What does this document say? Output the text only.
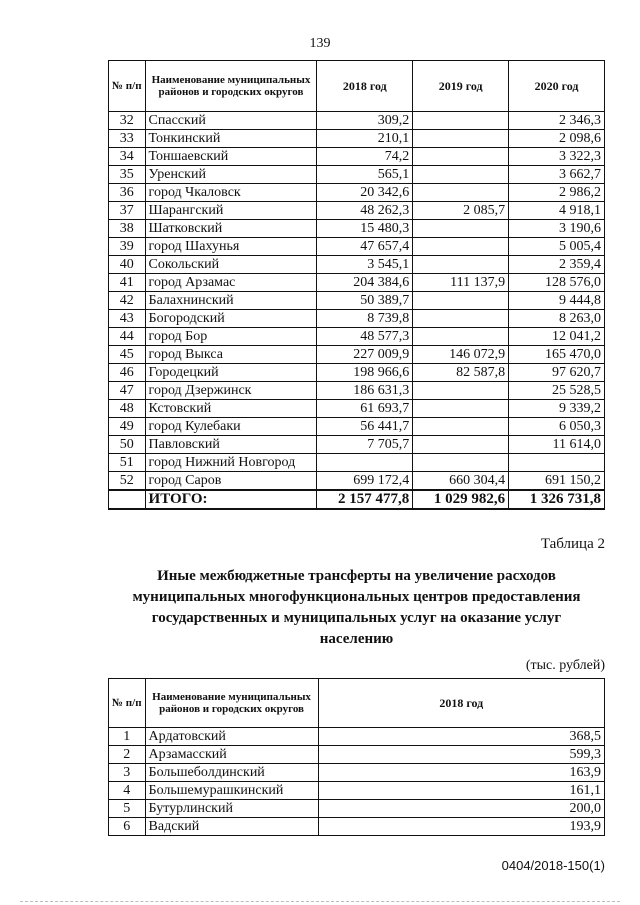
139
№ п/п	Наименование муниципальных районов и городских округов	2018 год	2019 год	2020 год
32	Спасский	309,2		2 346,3
33	Тонкинский	210,1		2 098,6
34	Тоншаевский	74,2		3 322,3
35	Уренский	565,1		3 662,7
36	город Чкаловск	20 342,6		2 986,2
37	Шарангский	48 262,3	2 085,7	4 918,1
38	Шатковский	15 480,3		3 190,6
39	город Шахунья	47 657,4		5 005,4
40	Сокольский	3 545,1		2 359,4
41	город Арзамас	204 384,6	111 137,9	128 576,0
42	Балахнинский	50 389,7		9 444,8
43	Богородский	8 739,8		8 263,0
44	город Бор	48 577,3		12 041,2
45	город Выкса	227 009,9	146 072,9	165 470,0
46	Городецкий	198 966,6	82 587,8	97 620,7
47	город Дзержинск	186 631,3		25 528,5
48	Кстовский	61 693,7		9 339,2
49	город Кулебаки	56 441,7		6 050,3
50	Павловский	7 705,7		11 614,0
51	город Нижний Новгород			
52	город Саров	699 172,4	660 304,4	691 150,2
	ИТОГО:	2 157 477,8	1 029 982,6	1 326 731,8
Таблица 2
Иные межбюджетные трансферты на увеличение расходов
муниципальных многофункциональных центров предоставления
государственных и муниципальных услуг на оказание услуг
населению
(тыс. рублей)
№ п/п	Наименование муниципальных районов и городских округов	2018 год
1	Ардатовский	368,5
2	Арзамасский	599,3
3	Большеболдинский	163,9
4	Большемурашкинский	161,1
5	Бутурлинский	200,0
6	Вадский	193,9
0404/2018-150(1)
